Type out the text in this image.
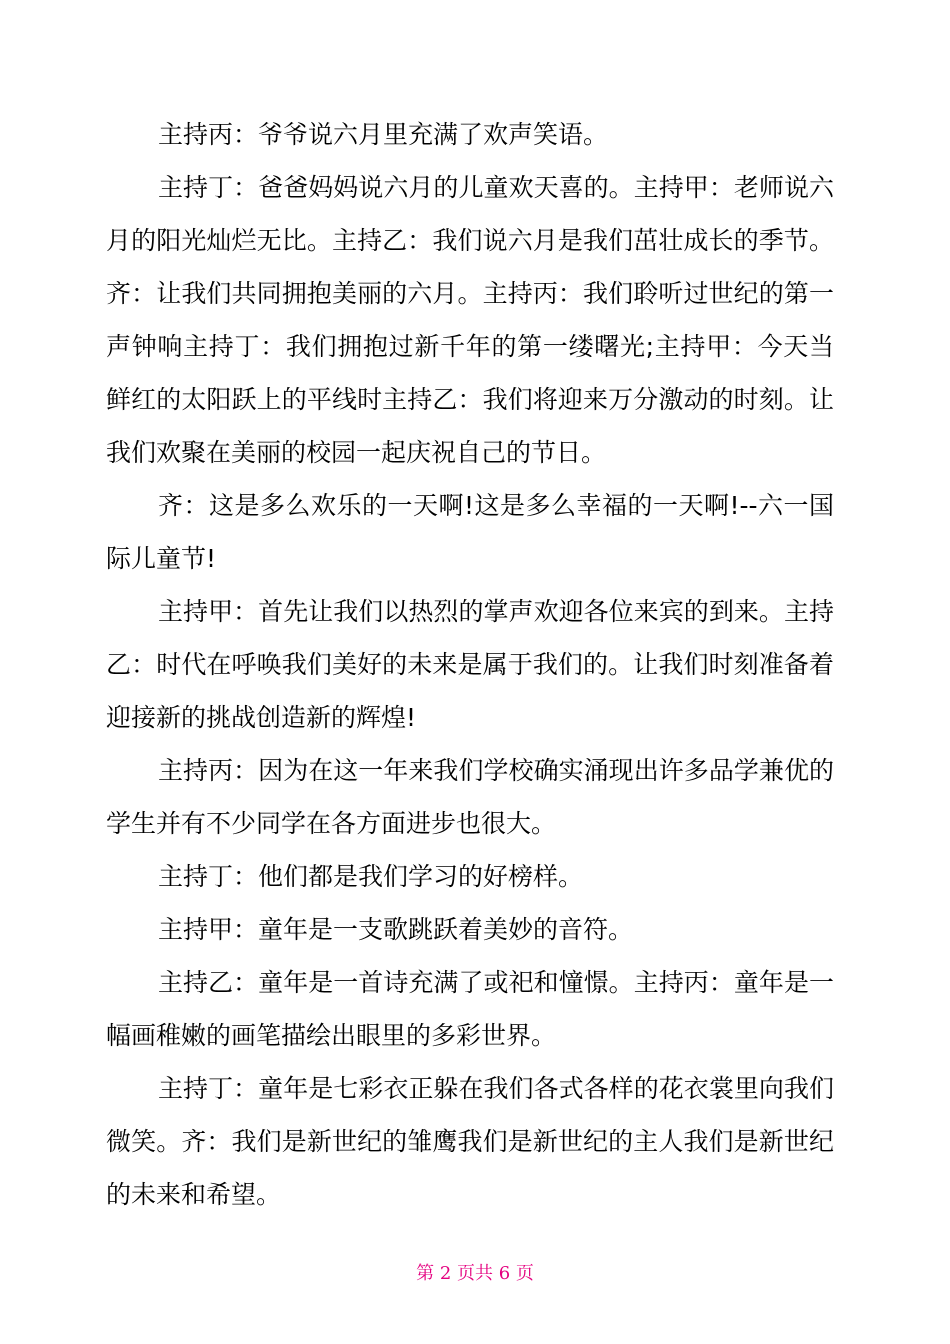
主持丙：爷爷说六月里充满了欢声笑语。

主持丁：爸爸妈妈说六月的儿童欢天喜的。主持甲：老师说六月的阳光灿烂无比。主持乙：我们说六月是我们茁壮成长的季节。齐：让我们共同拥抱美丽的六月。主持丙：我们聆听过世纪的第一声钟响主持丁：我们拥抱过新千年的第一缕曙光;主持甲：今天当鲜红的太阳跃上的平线时主持乙：我们将迎来万分激动的时刻。让我们欢聚在美丽的校园一起庆祝自己的节日。

齐：这是多么欢乐的一天啊!这是多么幸福的一天啊!--六一国际儿童节!

主持甲：首先让我们以热烈的掌声欢迎各位来宾的到来。主持乙：时代在呼唤我们美好的未来是属于我们的。让我们时刻准备着迎接新的挑战创造新的辉煌!

主持丙：因为在这一年来我们学校确实涌现出许多品学兼优的学生并有不少同学在各方面进步也很大。

主持丁：他们都是我们学习的好榜样。

主持甲：童年是一支歌跳跃着美妙的音符。

主持乙：童年是一首诗充满了或祀和憧憬。主持丙：童年是一幅画稚嫩的画笔描绘出眼里的多彩世界。

主持丁：童年是七彩衣正躲在我们各式各样的花衣裳里向我们微笑。齐：我们是新世纪的雏鹰我们是新世纪的主人我们是新世纪的未来和希望。

第 2 页共 6 页
